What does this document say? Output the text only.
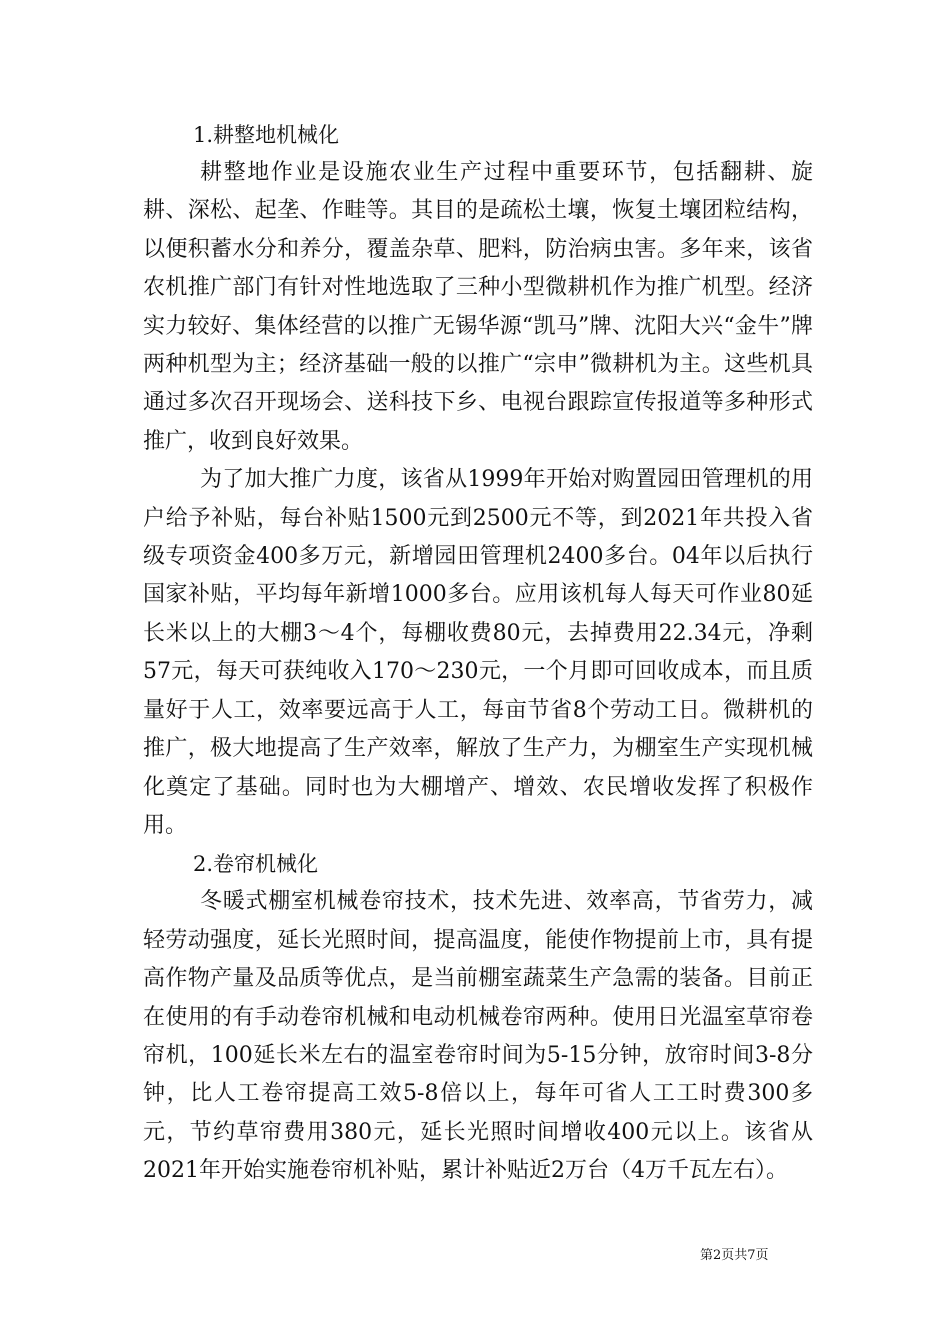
1.耕整地机械化

耕整地作业是设施农业生产过程中重要环节，包括翻耕、旋耕、深松、起垄、作畦等。其目的是疏松土壤，恢复土壤团粒结构，以便积蓄水分和养分，覆盖杂草、肥料，防治病虫害。多年来，该省农机推广部门有针对性地选取了三种小型微耕机作为推广机型。经济实力较好、集体经营的以推广无锡华源“凯马”牌、沈阳大兴“金牛”牌两种机型为主；经济基础一般的以推广“宗申”微耕机为主。这些机具通过多次召开现场会、送科技下乡、电视台跟踪宣传报道等多种形式推广，收到良好效果。

为了加大推广力度，该省从1999年开始对购置园田管理机的用户给予补贴，每台补贴1500元到2500元不等，到2021年共投入省级专项资金400多万元，新增园田管理机2400多台。04年以后执行国家补贴，平均每年新增1000多台。应用该机每人每天可作业80延长米以上的大棚3～4个，每棚收费80元，去掉费用22.34元，净剩57元，每天可获纯收入170～230元，一个月即可回收成本，而且质量好于人工，效率要远高于人工，每亩节省8个劳动工日。微耕机的推广，极大地提高了生产效率，解放了生产力，为棚室生产实现机械化奠定了基础。同时也为大棚增产、增效、农民增收发挥了积极作用。

2.卷帘机械化

冬暖式棚室机械卷帘技术，技术先进、效率高，节省劳力，减轻劳动强度，延长光照时间，提高温度，能使作物提前上市，具有提高作物产量及品质等优点，是当前棚室蔬菜生产急需的装备。目前正在使用的有手动卷帘机械和电动机械卷帘两种。使用日光温室草帘卷帘机，100延长米左右的温室卷帘时间为5-15分钟，放帘时间3-8分钟，比人工卷帘提高工效5-8倍以上，每年可省人工工时费300多元，节约草帘费用380元，延长光照时间增收400元以上。该省从2021年开始实施卷帘机补贴，累计补贴近2万台（4万千瓦左右）。

第2页共7页
